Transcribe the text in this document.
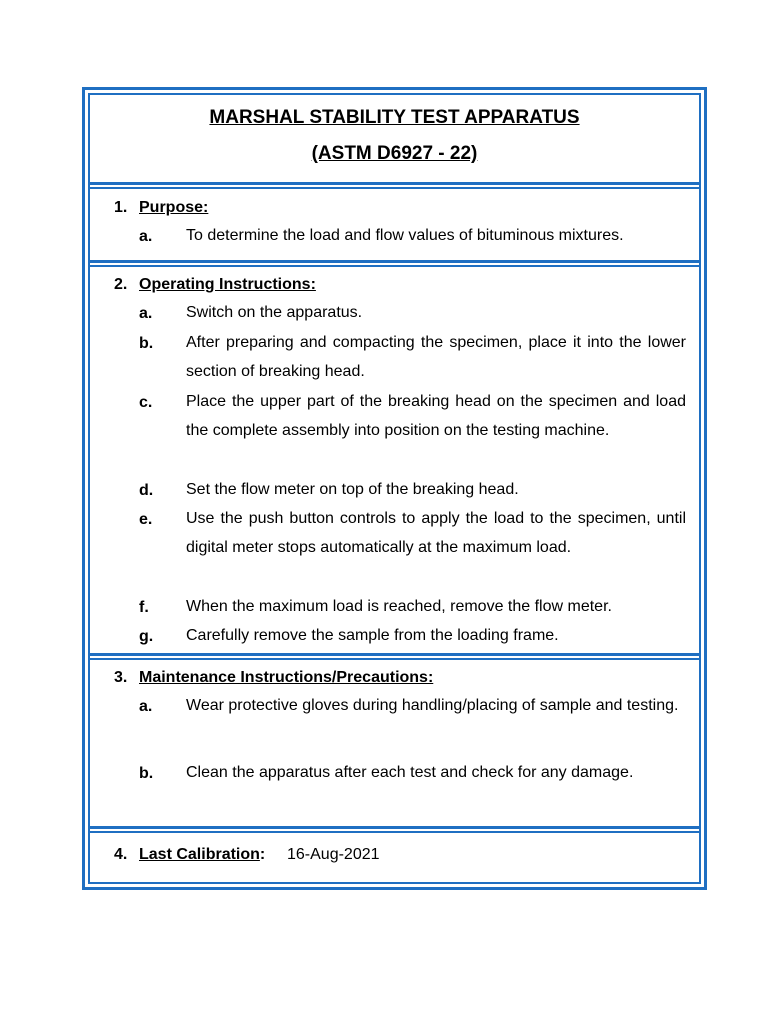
MARSHAL STABILITY TEST APPARATUS
(ASTM D6927 - 22)
1. Purpose:
a. To determine the load and flow values of bituminous mixtures.
2. Operating Instructions:
a. Switch on the apparatus.
b. After preparing and compacting the specimen, place it into the lower section of breaking head.
c. Place the upper part of the breaking head on the specimen and load the complete assembly into position on the testing machine.
d. Set the flow meter on top of the breaking head.
e. Use the push button controls to apply the load to the specimen, until digital meter stops automatically at the maximum load.
f. When the maximum load is reached, remove the flow meter.
g. Carefully remove the sample from the loading frame.
3. Maintenance Instructions/Precautions:
a. Wear protective gloves during handling/placing of sample and testing.
b. Clean the apparatus after each test and check for any damage.
4. Last Calibration: 16-Aug-2021
